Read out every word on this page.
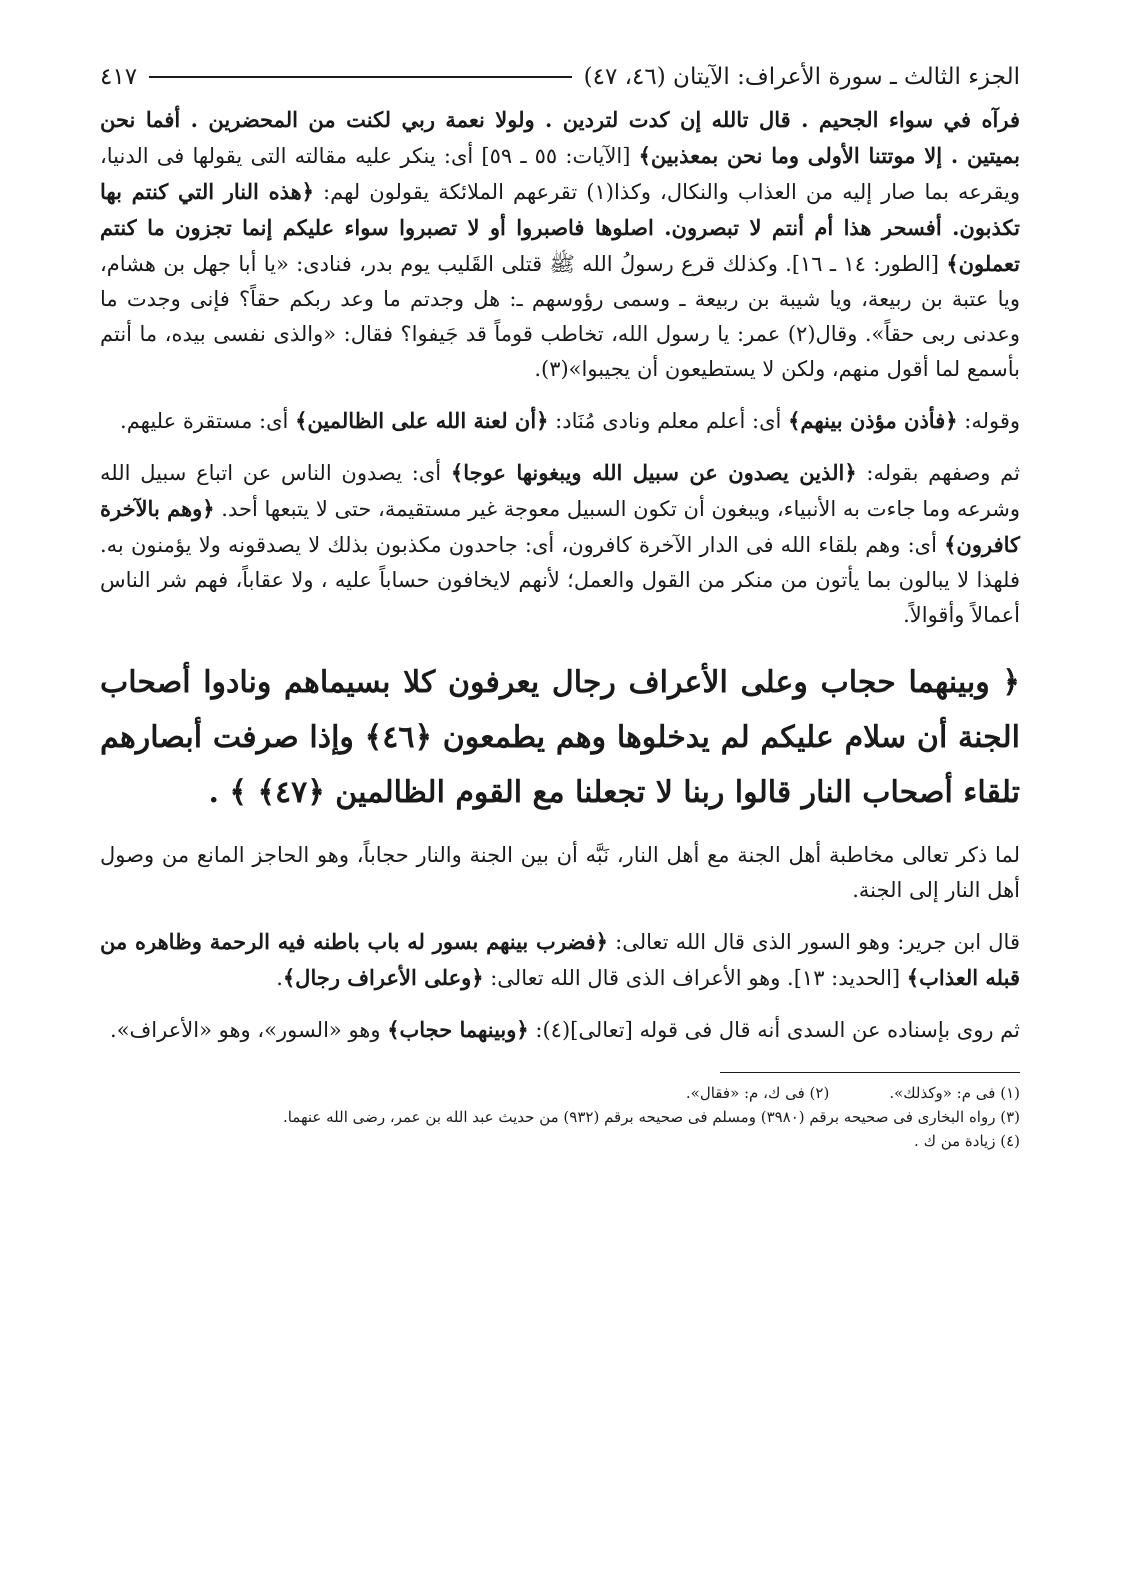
الجزء الثالث ـ سورة الأعراف: الآيتان (٤٦، ٤٧)
٤١٧

فرآه في سواء الجحيم . قال تالله إن كدت لتردين . ولولا نعمة ربي لكنت من المحضرين . أفما نحن بميتين . إلا موتتنا الأولى وما نحن بمعذبين﴾ [الآيات: ٥٥ ـ ٥٩] أى: ينكر عليه مقالته التى يقولها فى الدنيا، ويقرعه بما صار إليه من العذاب والنكال، وكذا(١) تقرعهم الملائكة يقولون لهم: ﴿هذه النار التي كنتم بها تكذبون. أفسحر هذا أم أنتم لا تبصرون. اصلوها فاصبروا أو لا تصبروا سواء عليكم إنما تجزون ما كنتم تعملون﴾ [الطور: ١٤ ـ ١٦]. وكذلك قرع رسولُ الله ﷺ قتلى القَليب يوم بدر، فنادى: «يا أبا جهل بن هشام، ويا عتبة بن ربيعة، ويا شيبة بن ربيعة ـ وسمى رؤوسهم ـ: هل وجدتم ما وعد ربكم حقاً؟ فإنى وجدت ما وعدنى ربى حقاً». وقال(٢) عمر: يا رسول الله، تخاطب قوماً قد جَيفوا؟ فقال: «والذى نفسى بيده، ما أنتم بأسمع لما أقول منهم، ولكن لا يستطيعون أن يجيبوا»(٣).

وقوله: ﴿فأذن مؤذن بينهم﴾ أى: أعلم معلم ونادى مُنَاد: ﴿أن لعنة الله على الظالمين﴾ أى: مستقرة عليهم.

ثم وصفهم بقوله: ﴿الذين يصدون عن سبيل الله ويبغونها عوجا﴾ أى: يصدون الناس عن اتباع سبيل الله وشرعه وما جاءت به الأنبياء، ويبغون أن تكون السبيل معوجة غير مستقيمة، حتى لا يتبعها أحد. ﴿وهم بالآخرة كافرون﴾ أى: وهم بلقاء الله فى الدار الآخرة كافرون، أى: جاحدون مكذبون بذلك لا يصدقونه ولا يؤمنون به. فلهذا لا يبالون بما يأتون من منكر من القول والعمل؛ لأنهم لايخافون حساباً عليه ، ولا عقاباً، فهم شر الناس أعمالاً وأقوالاً.

﴿ وبينهما حجاب وعلى الأعراف رجال يعرفون كلا بسيماهم ونادوا أصحاب الجنة أن سلام عليكم لم يدخلوها وهم يطمعون ﴿٤٦﴾ وإذا صرفت أبصارهم تلقاء أصحاب النار قالوا ربنا لا تجعلنا مع القوم الظالمين ﴿٤٧﴾ ﴾ .

لما ذكر تعالى مخاطبة أهل الجنة مع أهل النار، نَبَّه أن بين الجنة والنار حجاباً، وهو الحاجز المانع من وصول أهل النار إلى الجنة.

قال ابن جرير: وهو السور الذى قال الله تعالى: ﴿فضرب بينهم بسور له باب باطنه فيه الرحمة وظاهره من قبله العذاب﴾ [الحديد: ١٣]. وهو الأعراف الذى قال الله تعالى: ﴿وعلى الأعراف رجال﴾.

ثم روى بإسناده عن السدى أنه قال فى قوله [تعالى](٤): ﴿وبينهما حجاب﴾ وهو «السور»، وهو «الأعراف».

(١) فى م: «وكذلك».

(٢) فى ك، م: «فقال».

(٣) رواه البخارى فى صحيحه برقم (٣٩٨٠) ومسلم فى صحيحه برقم (٩٣٢) من حديث عبد الله بن عمر، رضى الله عنهما.

(٤) زيادة من ك .
